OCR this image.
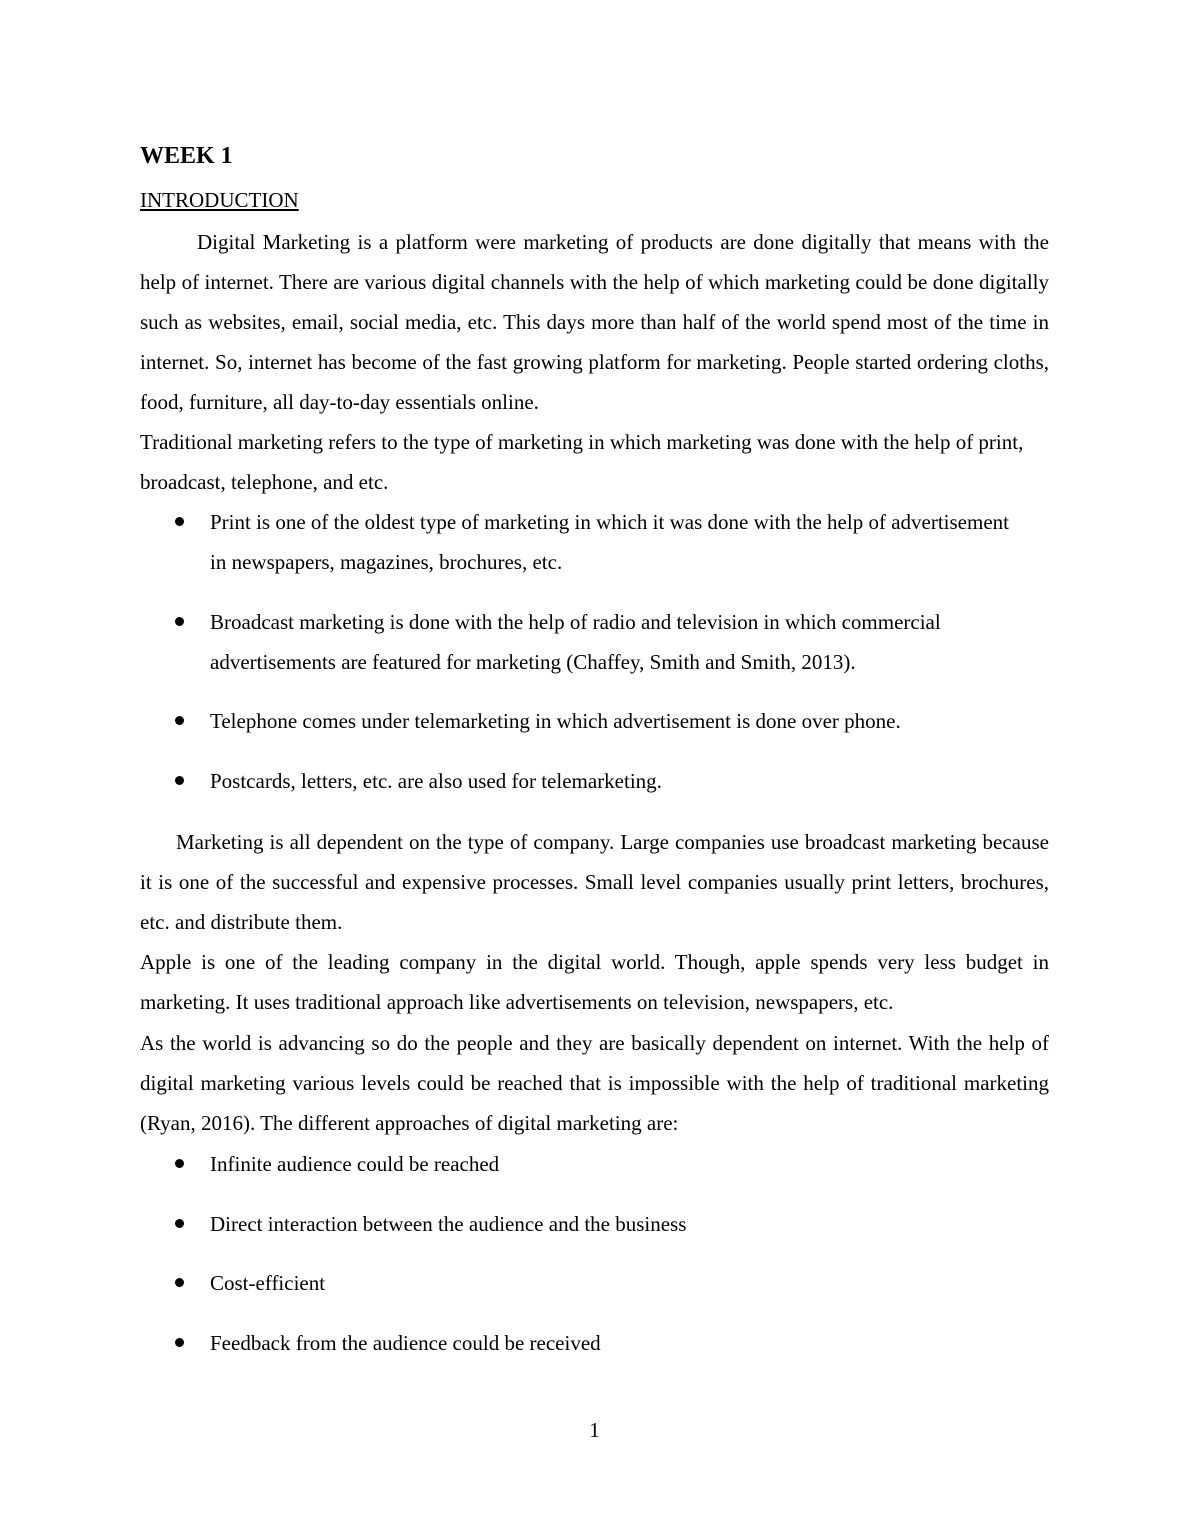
WEEK 1
INTRODUCTION

Digital Marketing is a platform were marketing of products are done digitally that means with the help of internet. There are various digital channels with the help of which marketing could be done digitally such as websites, email, social media, etc. This days more than half of the world spend most of the time in internet. So, internet has become of the fast growing platform for marketing. People started ordering cloths, food, furniture, all day-to-day essentials online.

Traditional marketing refers to the type of marketing in which marketing was done with the help of print, broadcast, telephone, and etc.

Print is one of the oldest type of marketing in which it was done with the help of advertisement in newspapers, magazines, brochures, etc.
Broadcast marketing is done with the help of radio and television in which commercial advertisements are featured for marketing (Chaffey, Smith and Smith, 2013).
Telephone comes under telemarketing in which advertisement is done over phone.
Postcards, letters, etc. are also used for telemarketing.

Marketing is all dependent on the type of company. Large companies use broadcast marketing because it is one of the successful and expensive processes. Small level companies usually print letters, brochures, etc. and distribute them.

Apple is one of the leading company in the digital world. Though, apple spends very less budget in marketing. It uses traditional approach like advertisements on television, newspapers, etc.

As the world is advancing so do the people and they are basically dependent on internet. With the help of digital marketing various levels could be reached that is impossible with the help of traditional marketing (Ryan, 2016). The different approaches of digital marketing are:

Infinite audience could be reached
Direct interaction between the audience and the business
Cost-efficient
Feedback from the audience could be received
1
